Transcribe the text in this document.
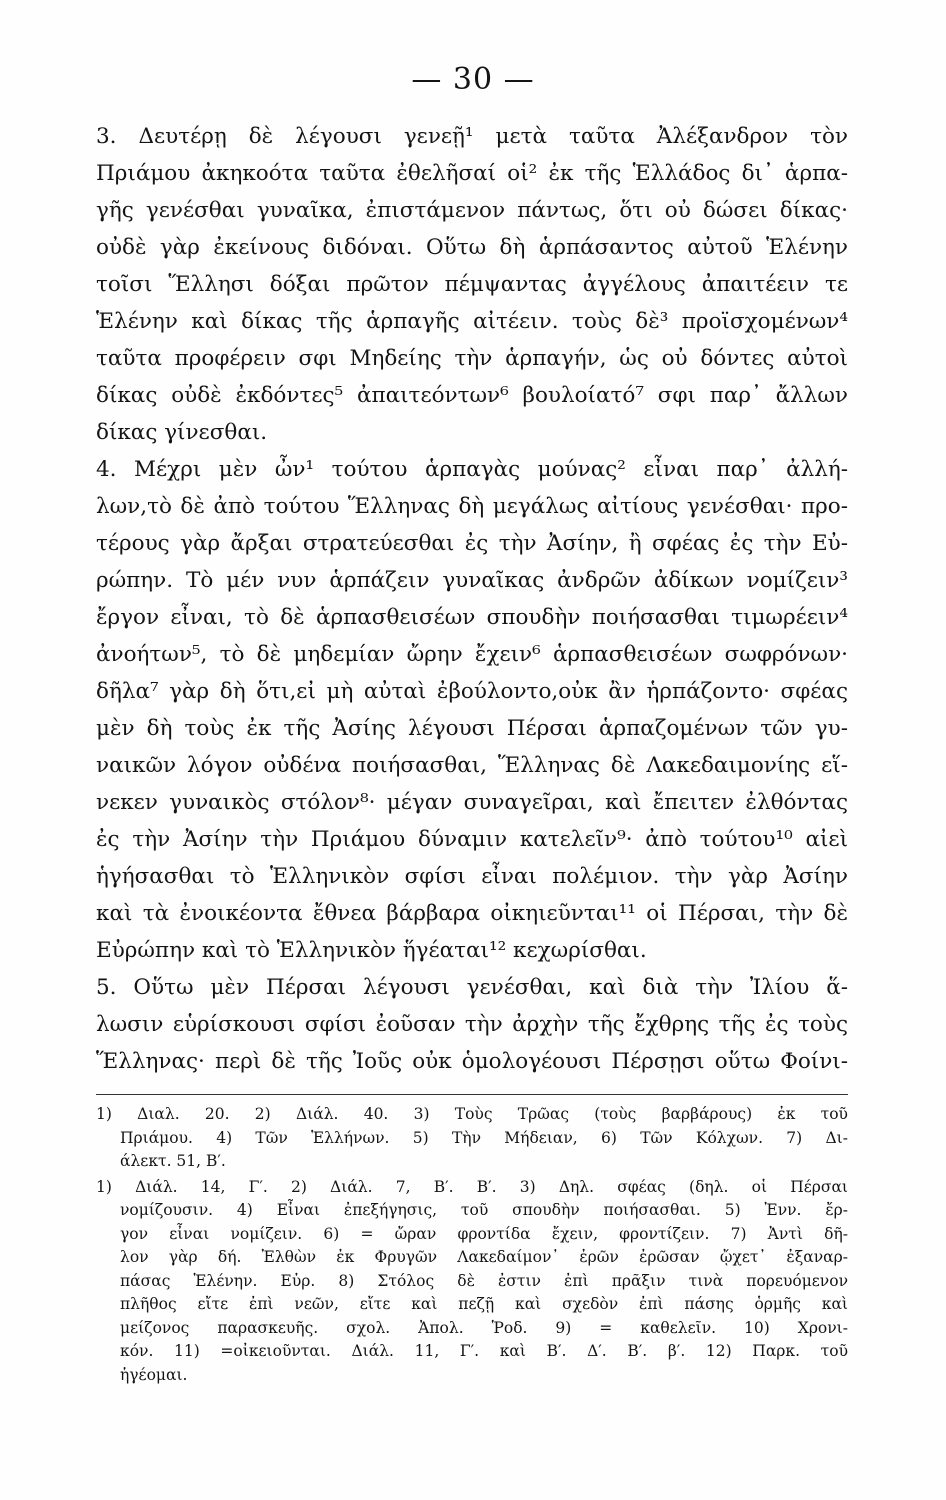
— 30 —
3. Δευτέρῃ δὲ λέγουσι γενεῇ¹ μετὰ ταῦτα Ἀλέξανδρον τὸν
Πριάμου ἀκηκοότα ταῦτα ἐθελῆσαί οἱ² ἐκ τῆς Ἑλλάδος δι᾽ ἁρπα-
γῆς γενέσθαι γυναῖκα, ἐπιστάμενον πάντως, ὅτι οὐ δώσει δίκας·
οὐδὲ γὰρ ἐκείνους διδόναι. Οὕτω δὴ ἁρπάσαντος αὐτοῦ Ἑλένην
τοῖσι Ἕλλησι δόξαι πρῶτον πέμψαντας ἀγγέλους ἀπαιτέειν τε
Ἑλένην καὶ δίκας τῆς ἁρπαγῆς αἰτέειν. τοὺς δὲ³ προϊσχομένων⁴
ταῦτα προφέρειν σφι Μηδείης τὴν ἁρπαγήν, ὡς οὐ δόντες αὐτοὶ
δίκας οὐδὲ ἐκδόντες⁵ ἀπαιτεόντων⁶ βουλοίατό⁷ σφι παρ᾽ ἄλλων
δίκας γίνεσθαι.
4. Μέχρι μὲν ὦν¹ τούτου ἁρπαγὰς μούνας² εἶναι παρ᾽ ἀλλή-
λων,τὸ δὲ ἀπὸ τούτου Ἕλληνας δὴ μεγάλως αἰτίους γενέσθαι· προ-
τέρους γὰρ ἄρξαι στρατεύεσθαι ἐς τὴν Ἀσίην, ἢ σφέας ἐς τὴν Εὐ-
ρώπην. Τὸ μέν νυν ἁρπάζειν γυναῖκας ἀνδρῶν ἀδίκων νομίζειν³
ἔργον εἶναι, τὸ δὲ ἁρπασθεισέων σπουδὴν ποιήσασθαι τιμωρέειν⁴
ἀνοήτων⁵, τὸ δὲ μηδεμίαν ὤρην ἔχειν⁶ ἁρπασθεισέων σωφρόνων·
δῆλα⁷ γὰρ δὴ ὅτι,εἰ μὴ αὐταὶ ἐβούλοντο,οὐκ ἂν ἡρπάζοντο· σφέας
μὲν δὴ τοὺς ἐκ τῆς Ἀσίης λέγουσι Πέρσαι ἁρπαζομένων τῶν γυ-
ναικῶν λόγον οὐδένα ποιήσασθαι, Ἕλληνας δὲ Λακεδαιμονίης εἵ-
νεκεν γυναικὸς στόλον⁸· μέγαν συναγεῖραι, καὶ ἔπειτεν ἐλθόντας
ἐς τὴν Ἀσίην τὴν Πριάμου δύναμιν κατελεῖν⁹· ἀπὸ τούτου¹⁰ αἰεὶ
ἡγήσασθαι τὸ Ἑλληνικὸν σφίσι εἶναι πολέμιον. τὴν γὰρ Ἀσίην
καὶ τὰ ἐνοικέοντα ἔθνεα βάρβαρα οἰκηιεῦνται¹¹ οἱ Πέρσαι, τὴν δὲ
Εὐρώπην καὶ τὸ Ἑλληνικὸν ἥγέαται¹² κεχωρίσθαι.
5. Οὕτω μὲν Πέρσαι λέγουσι γενέσθαι, καὶ διὰ τὴν Ἰλίου ἅ-
λωσιν εὑρίσκουσι σφίσι ἐοῦσαν τὴν ἀρχὴν τῆς ἔχθρης τῆς ἐς τοὺς
Ἕλληνας· περὶ δὲ τῆς Ἰοῦς οὐκ ὁμολογέουσι Πέρσῃσι οὕτω Φοίνι-
1) Διαλ. 20. 2) Διάλ. 40. 3) Τοὺς Τρῶας (τοὺς βαρβάρους) ἐκ τοῦ
Πριάμου. 4) Τῶν Ἑλλήνων. 5) Τὴν Μήδειαν, 6) Τῶν Κόλχων. 7) Δι-
άλεκτ. 51, Β′.
1) Διάλ. 14, Γ′. 2) Διάλ. 7, Β′. Β′. 3) Δηλ. σφέας (δηλ. οἱ Πέρσαι
νομίζουσιν. 4) Εἶναι ἐπεξήγησις, τοῦ σπουδὴν ποιήσασθαι. 5) Ἐνν. ἔρ-
γον εἶναι νομίζειν. 6) = ὤραν φροντίδα ἔχειν, φροντίζειν. 7) Ἀντὶ δῆ-
λον γὰρ δή. Ἐλθὼν ἐκ Φρυγῶν Λακεδαίμον᾽ ἐρῶν ἐρῶσαν ᾤχετ᾽ ἐξαναρ-
πάσας Ἑλένην. Εὐρ. 8) Στόλος δὲ ἐστιν ἐπὶ πρᾶξιν τινὰ πορευόμενον
πλῆθος εἴτε ἐπὶ νεῶν, εἴτε καὶ πεζῇ καὶ σχεδὸν ἐπὶ πάσης ὁρμῆς καὶ
μείζονος παρασκευῆς. σχολ. Ἀπολ. Ῥοδ. 9) = καθελεῖν. 10) Χρονι-
κόν. 11) =οἰκειοῦνται. Διάλ. 11, Γ′. καὶ Β′. Δ′. Β′. β′. 12) Παρκ. τοῦ
ἡγέομαι.
